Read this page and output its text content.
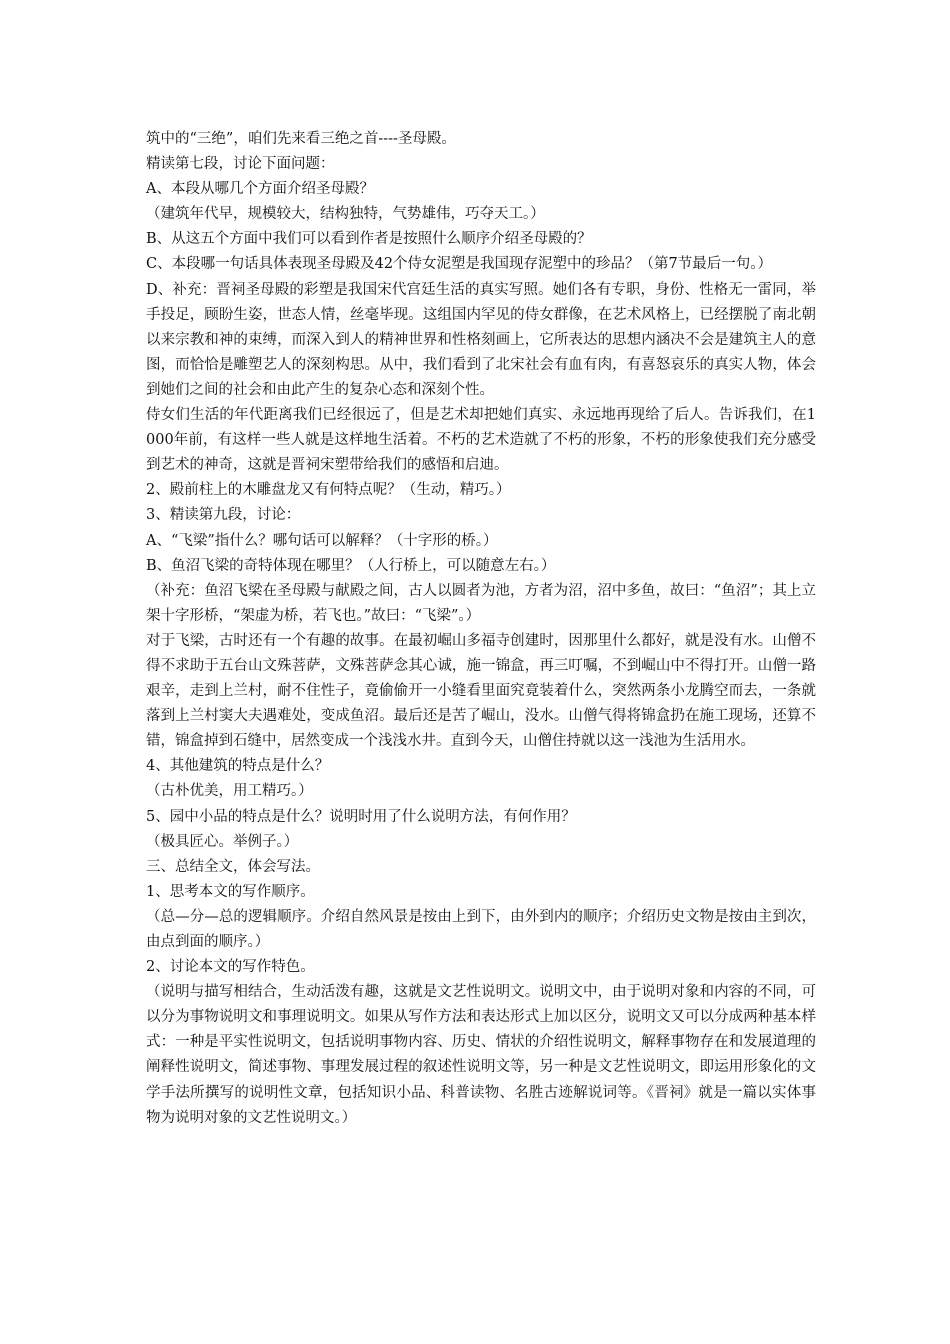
筑中的“三绝”，咱们先来看三绝之首----圣母殿。

精读第七段，讨论下面问题：

A、本段从哪几个方面介绍圣母殿？

（建筑年代早，规模较大，结构独特，气势雄伟，巧夺天工。）

B、从这五个方面中我们可以看到作者是按照什么顺序介绍圣母殿的？

C、本段哪一句话具体表现圣母殿及42个侍女泥塑是我国现存泥塑中的珍品？（第7节最后一句。）

D、补充：晋祠圣母殿的彩塑是我国宋代宫廷生活的真实写照。她们各有专职，身份、性格无一雷同，举手投足，顾盼生姿，世态人情，丝毫毕现。这组国内罕见的侍女群像，在艺术风格上，已经摆脱了南北朝以来宗教和神的束缚，而深入到人的精神世界和性格刻画上，它所表达的思想内涵决不会是建筑主人的意图，而恰恰是雕塑艺人的深刻构思。从中，我们看到了北宋社会有血有肉，有喜怒哀乐的真实人物，体会到她们之间的社会和由此产生的复杂心态和深刻个性。

侍女们生活的年代距离我们已经很远了，但是艺术却把她们真实、永远地再现给了后人。告诉我们，在1000年前，有这样一些人就是这样地生活着。不朽的艺术造就了不朽的形象，不朽的形象使我们充分感受到艺术的神奇，这就是晋祠宋塑带给我们的感悟和启迪。

2、殿前柱上的木雕盘龙又有何特点呢？（生动，精巧。）

3、精读第九段，讨论：

A、“飞梁”指什么？哪句话可以解释？（十字形的桥。）

B、鱼沼飞梁的奇特体现在哪里？（人行桥上，可以随意左右。）

（补充：鱼沼飞梁在圣母殿与献殿之间，古人以圆者为池，方者为沼，沼中多鱼，故曰：“鱼沼”；其上立架十字形桥，“架虚为桥，若飞也。”故曰：“飞梁”。）

对于飞梁，古时还有一个有趣的故事。在最初崛山多福寺创建时，因那里什么都好，就是没有水。山僧不得不求助于五台山文殊菩萨，文殊菩萨念其心诚，施一锦盒，再三叮嘱，不到崛山中不得打开。山僧一路艰辛，走到上兰村，耐不住性子，竟偷偷开一小缝看里面究竟装着什么，突然两条小龙腾空而去，一条就落到上兰村窦大夫遇难处，变成鱼沼。最后还是苦了崛山，没水。山僧气得将锦盒扔在施工现场，还算不错，锦盒掉到石缝中，居然变成一个浅浅水井。直到今天，山僧住持就以这一浅池为生活用水。

4、其他建筑的特点是什么？

（古朴优美，用工精巧。）

5、园中小品的特点是什么？说明时用了什么说明方法，有何作用？

（极具匠心。举例子。）

三、总结全文，体会写法。

1、思考本文的写作顺序。

（总—分—总的逻辑顺序。介绍自然风景是按由上到下，由外到内的顺序；介绍历史文物是按由主到次，由点到面的顺序。）

2、讨论本文的写作特色。

（说明与描写相结合，生动活泼有趣，这就是文艺性说明文。说明文中，由于说明对象和内容的不同，可以分为事物说明文和事理说明文。如果从写作方法和表达形式上加以区分，说明文又可以分成两种基本样式：一种是平实性说明文，包括说明事物内容、历史、情状的介绍性说明文，解释事物存在和发展道理的阐释性说明文，简述事物、事理发展过程的叙述性说明文等，另一种是文艺性说明文，即运用形象化的文学手法所撰写的说明性文章，包括知识小品、科普读物、名胜古迹解说词等。《晋祠》就是一篇以实体事物为说明对象的文艺性说明文。）
